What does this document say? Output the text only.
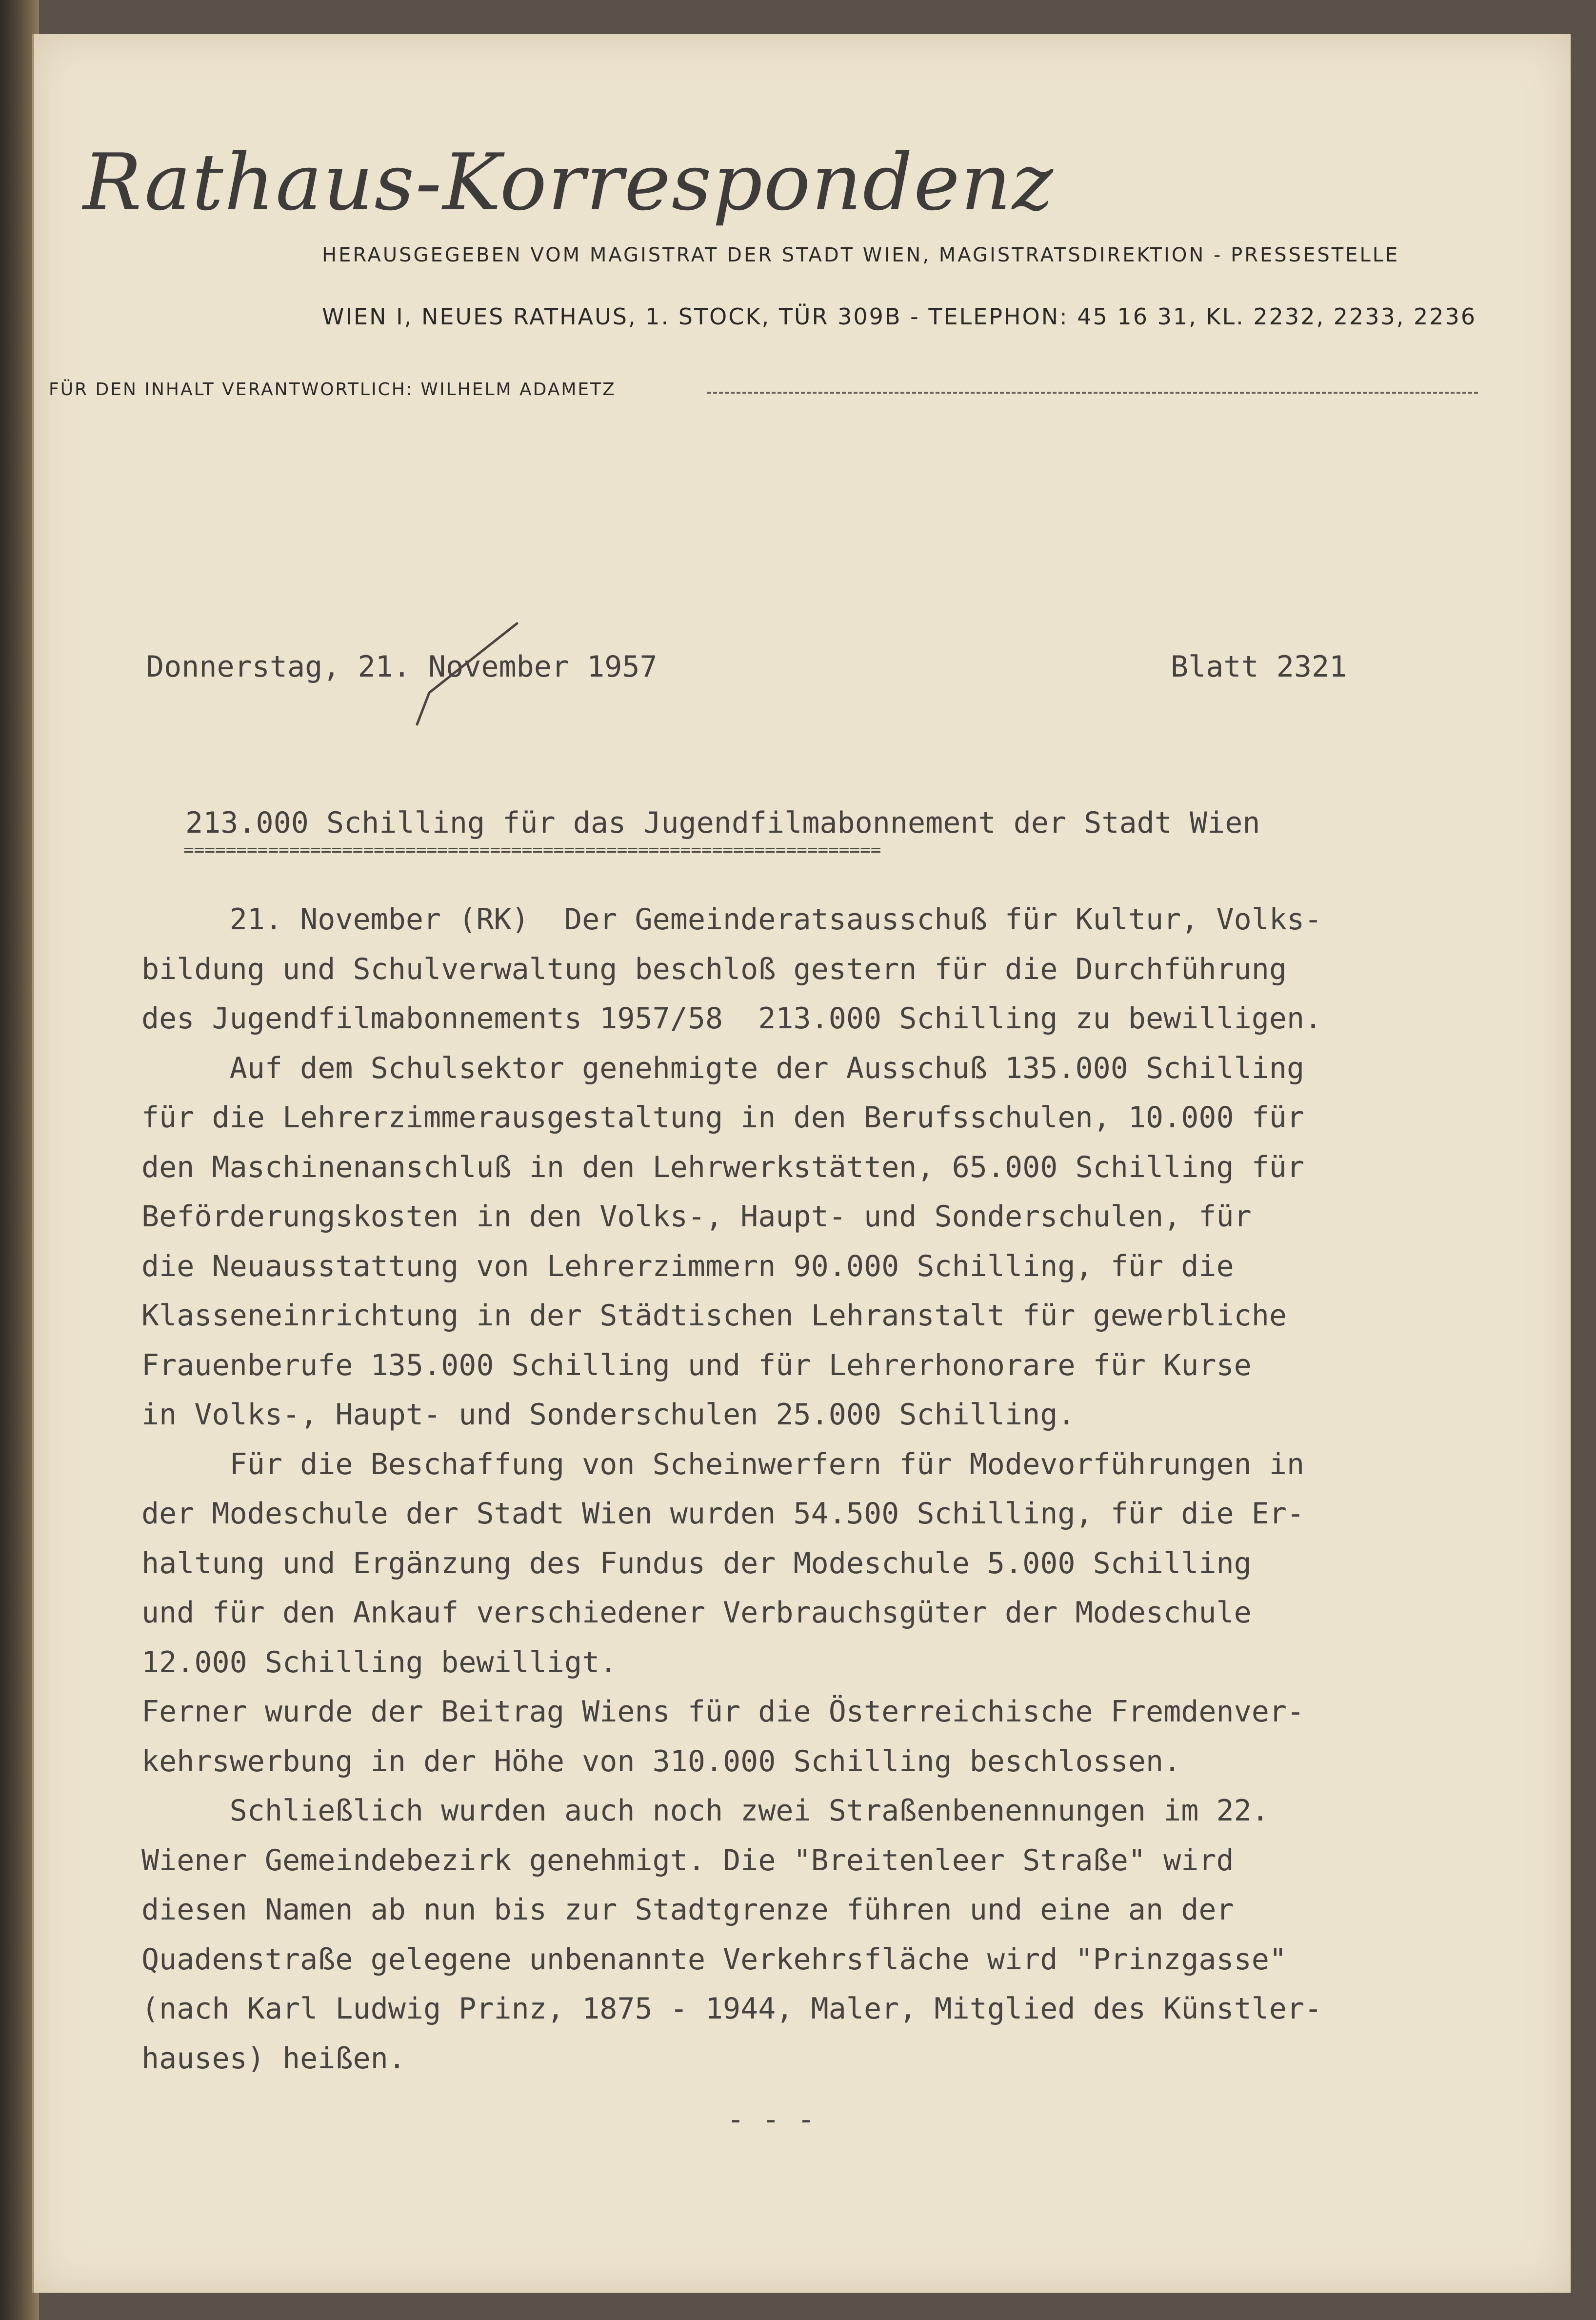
Rathaus-Korrespondenz
HERAUSGEGEBEN VOM MAGISTRAT DER STADT WIEN, MAGISTRATSDIREKTION - PRESSESTELLE
WIEN I, NEUES RATHAUS, 1. STOCK, TÜR 309B - TELEPHON: 45 16 31, KL. 2232, 2233, 2236
FÜR DEN INHALT VERANTWORTLICH: WILHELM ADAMETZ
Donnerstag, 21. November 1957	Blatt 2321
213.000 Schilling für das Jugendfilmabonnement der Stadt Wien
==================================================================
21. November (RK)  Der Gemeinderatsausschuß für Kultur, Volks-
bildung und Schulverwaltung beschloß gestern für die Durchführung
des Jugendfilmabonnements 1957/58  213.000 Schilling zu bewilligen.
Auf dem Schulsektor genehmigte der Ausschuß 135.000 Schilling
für die Lehrerzimmerausgestaltung in den Berufsschulen, 10.000 für
den Maschinenanschluß in den Lehrwerkstätten, 65.000 Schilling für
Beförderungskosten in den Volks-, Haupt- und Sonderschulen, für
die Neuausstattung von Lehrerzimmern 90.000 Schilling, für die
Klasseneinrichtung in der Städtischen Lehranstalt für gewerbliche
Frauenberufe 135.000 Schilling und für Lehrerhonorare für Kurse
in Volks-, Haupt- und Sonderschulen 25.000 Schilling.
Für die Beschaffung von Scheinwerfern für Modevorführungen in
der Modeschule der Stadt Wien wurden 54.500 Schilling, für die Er-
haltung und Ergänzung des Fundus der Modeschule 5.000 Schilling
und für den Ankauf verschiedener Verbrauchsgüter der Modeschule
12.000 Schilling bewilligt.
Ferner wurde der Beitrag Wiens für die Österreichische Fremdenver-
kehrswerbung in der Höhe von 310.000 Schilling beschlossen.
Schließlich wurden auch noch zwei Straßenbenennungen im 22.
Wiener Gemeindebezirk genehmigt. Die "Breitenleer Straße" wird
diesen Namen ab nun bis zur Stadtgrenze führen und eine an der
Quadenstraße gelegene unbenannte Verkehrsfläche wird "Prinzgasse"
(nach Karl Ludwig Prinz, 1875 - 1944, Maler, Mitglied des Künstler-
hauses) heißen.
- - -
